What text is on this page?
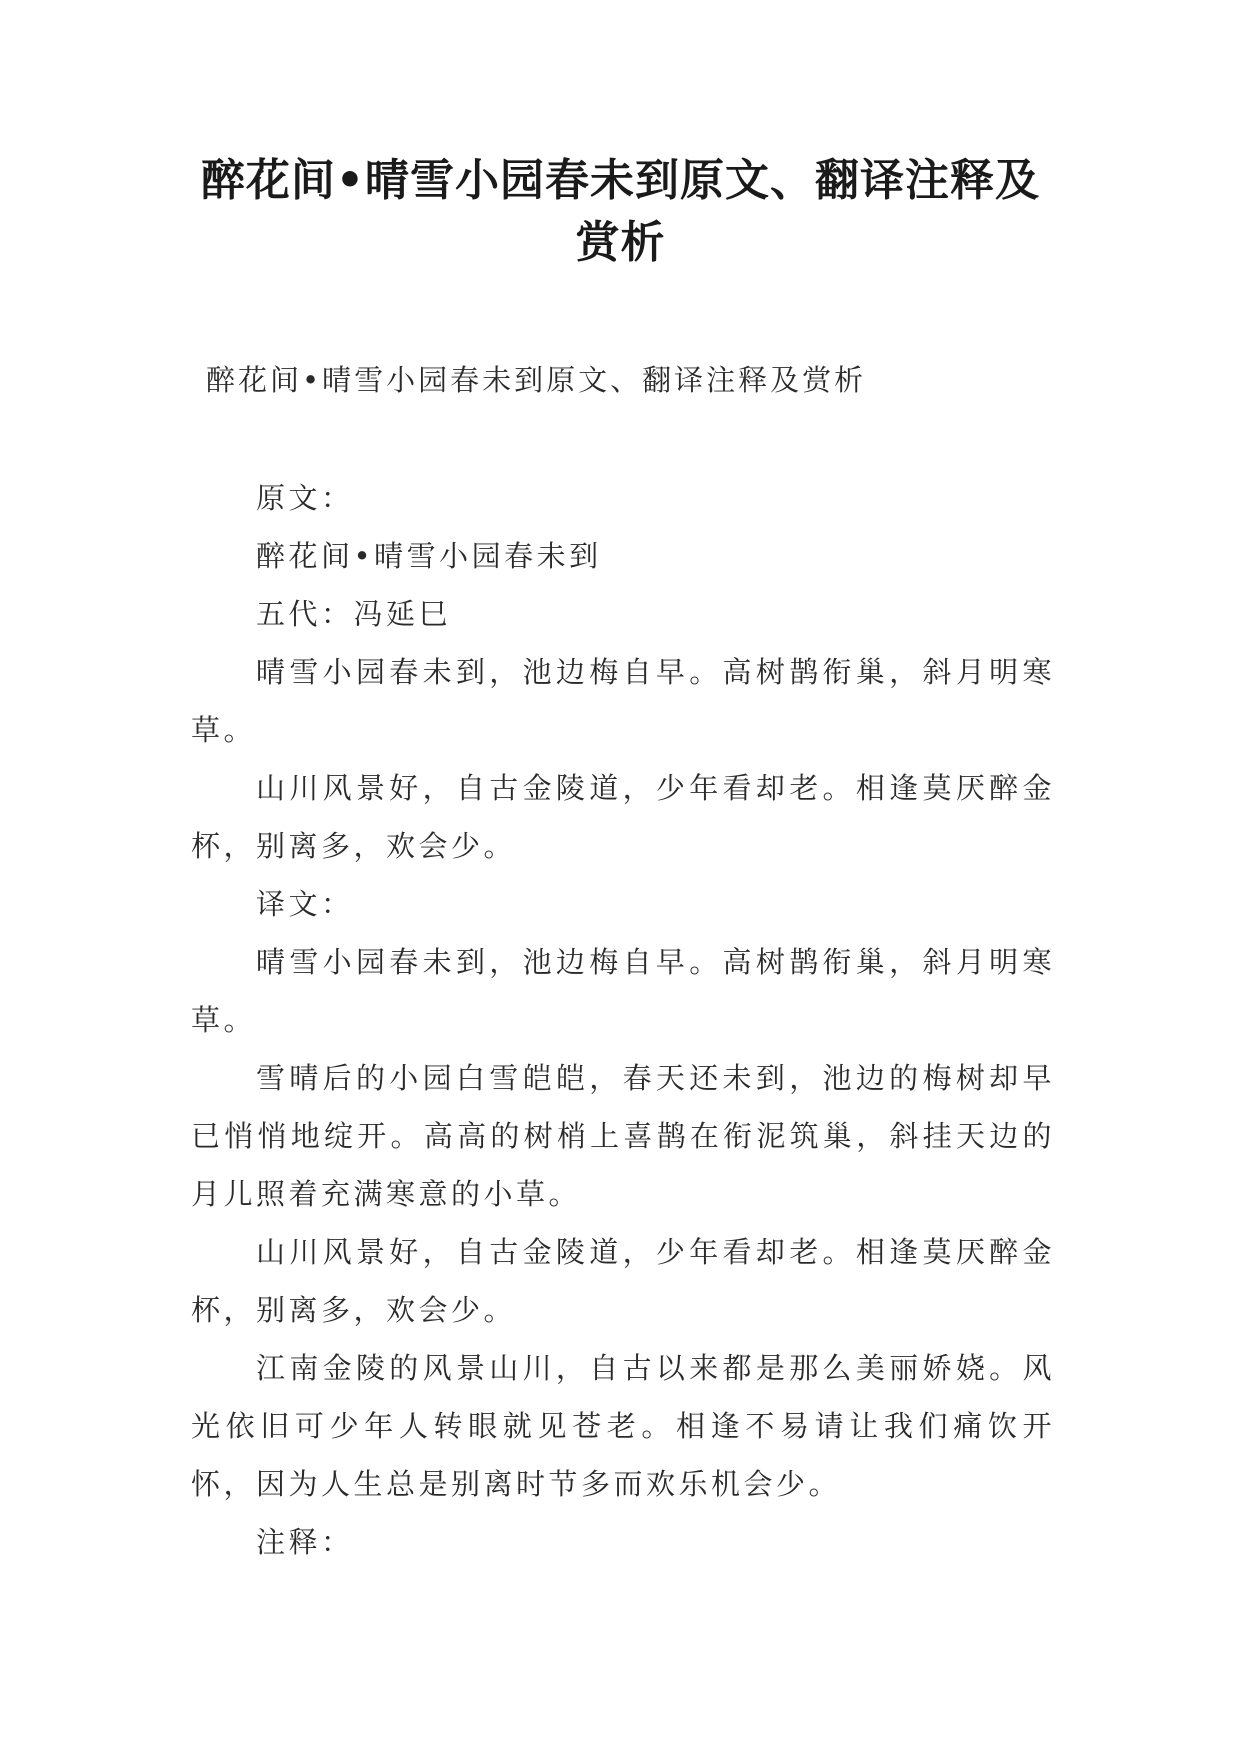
醉花间•晴雪小园春未到原文、翻译注释及赏析

醉花间•晴雪小园春未到原文、翻译注释及赏析

原文：

醉花间•晴雪小园春未到

五代：冯延巳

晴雪小园春未到，池边梅自早。高树鹊衔巢，斜月明寒草。

山川风景好，自古金陵道，少年看却老。相逢莫厌醉金杯，别离多，欢会少。

译文：

晴雪小园春未到，池边梅自早。高树鹊衔巢，斜月明寒草。

雪晴后的小园白雪皑皑，春天还未到，池边的梅树却早已悄悄地绽开。高高的树梢上喜鹊在衔泥筑巢，斜挂天边的月儿照着充满寒意的小草。

山川风景好，自古金陵道，少年看却老。相逢莫厌醉金杯，别离多，欢会少。

江南金陵的风景山川，自古以来都是那么美丽娇娆。风光依旧可少年人转眼就见苍老。相逢不易请让我们痛饮开怀，因为人生总是别离时节多而欢乐机会少。

注释：
